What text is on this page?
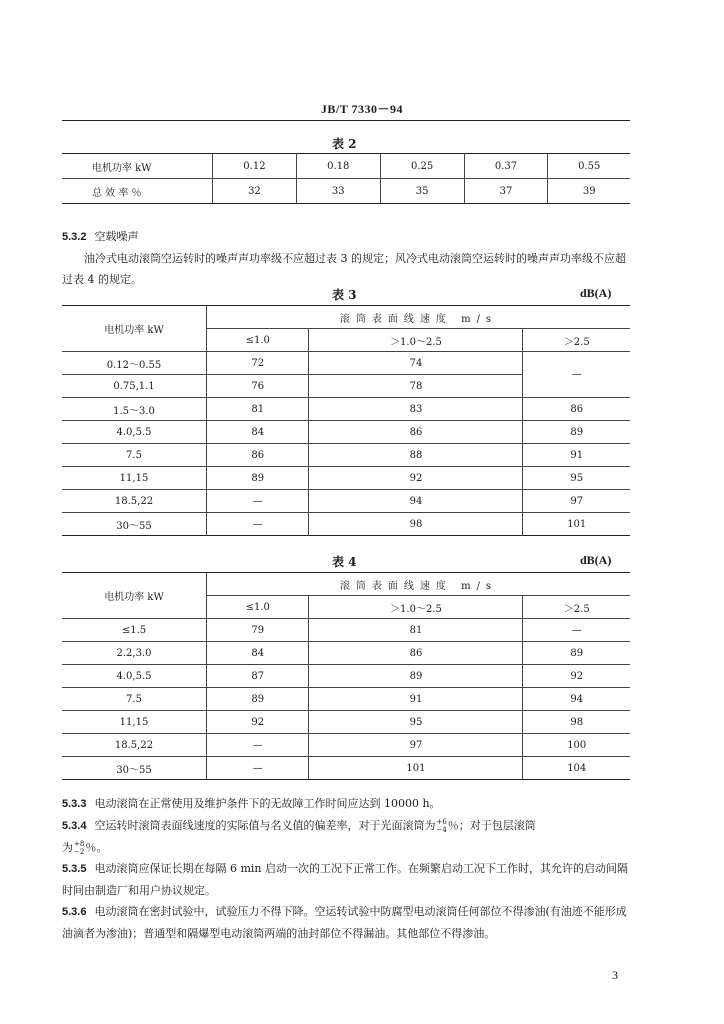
JB/T 7330－94
表 2
电机功率 kW	0.12	0.18	0.25	0.37	0.55
总 效 率 ％	32	33	35	37	39
5.3.2 空载噪声
油冷式电动滚筒空运转时的噪声声功率级不应超过表 3 的规定；风冷式电动滚筒空运转时的噪声声功率级不应超过表 4 的规定。
表 3	dB(A)
电机功率 kW	滚筒表面线速度 m/s		
	≤1.0	＞1.0～2.5	＞2.5
0.12～0.55	72	74	—
0.75,1.1	76	78	
1.5～3.0	81	83	86
4.0,5.5	84	86	89
7.5	86	88	91
11,15	89	92	95
18.5,22	—	94	97
30～55	—	98	101
表 4	dB(A)
电机功率 kW	滚筒表面线速度 m/s		
	≤1.0	＞1.0～2.5	＞2.5
≤1.5	79	81	—
2.2,3.0	84	86	89
4.0,5.5	87	89	92
7.5	89	91	94
11,15	92	95	98
18.5,22	—	97	100
30～55	—	101	104
5.3.3 电动滚筒在正常使用及维护条件下的无故障工作时间应达到 10000 h。
5.3.4 空运转时滚筒表面线速度的实际值与名义值的偏差率，对于光面滚筒为 +6
−4 ％；对于包层滚筒
为 +8
−2 ％。
5.3.5 电动滚筒应保证长期在每隔 6 min 启动一次的工况下正常工作。在频繁启动工况下工作时，其允许的启动间隔时间由制造厂和用户协议规定。
5.3.6 电动滚筒在密封试验中，试验压力不得下降。空运转试验中防腐型电动滚筒任何部位不得渗油(有油迹不能形成油滴者为渗油)；普通型和隔爆型电动滚筒两端的油封部位不得漏油。其他部位不得渗油。
3
